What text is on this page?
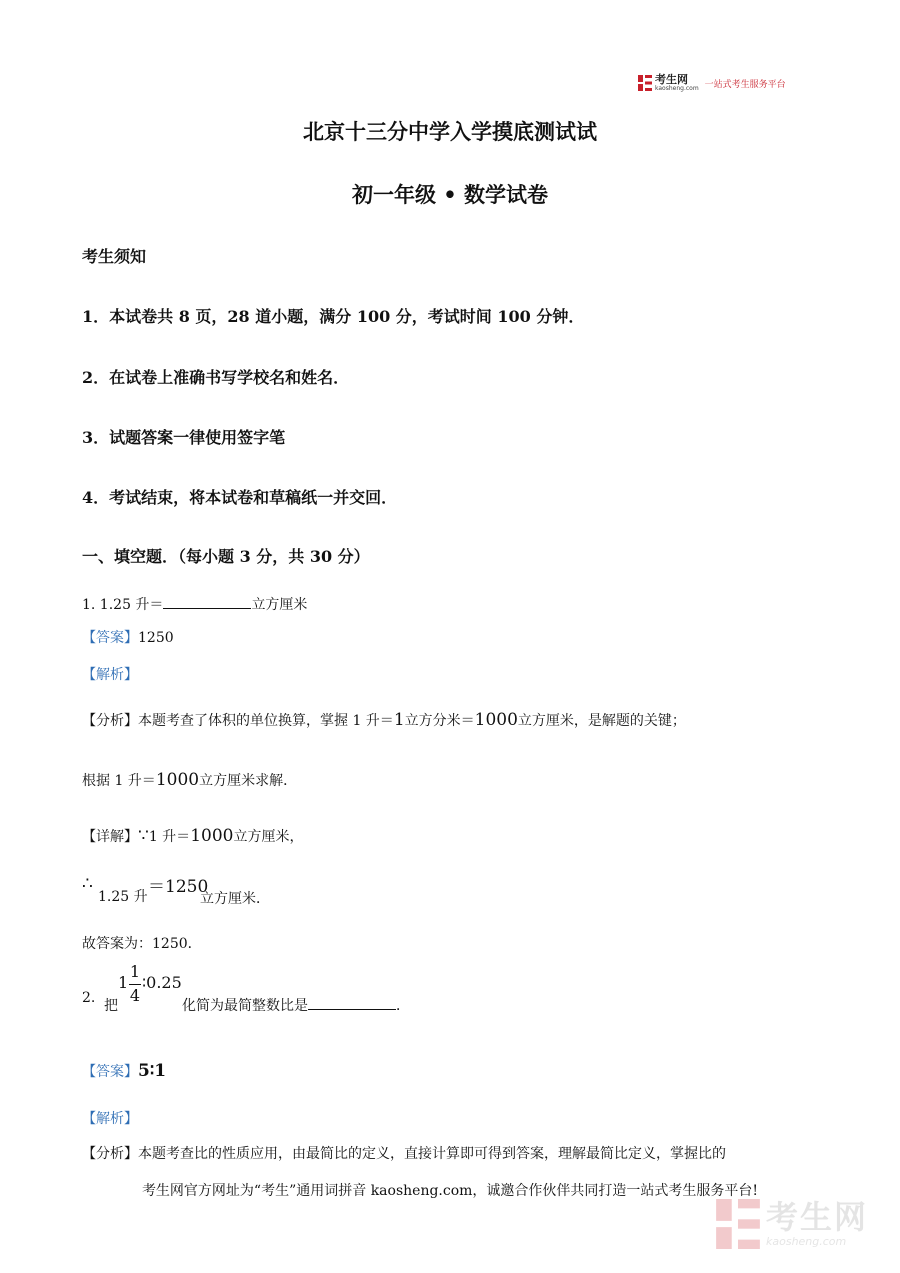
考生网
kaosheng.com 一站式考生服务平台
北京十三分中学入学摸底测试试
初一年级 • 数学试卷
考生须知
1．本试卷共 8 页，28 道小题，满分 100 分，考试时间 100 分钟．
2．在试卷上准确书写学校名和姓名．
3．试题答案一律使用签字笔
4．考试结束，将本试卷和草稿纸一并交回．
一、填空题．（每小题 3 分，共 30 分）
1. 1.25 升＝	立方厘米
【答案】1250
【解析】
【分析】本题考查了体积的单位换算，掌握 1 升＝1立方分米＝1000立方厘米，是解题的关键；
根据 1 升＝1000立方厘米求解．
【详解】∵1 升＝1000立方厘米，
∴
1.25 升 ＝1250
立方厘米．
故答案为：1250．
2. 把
1
1
4
∶0.25
化简为最简整数比是	．
【答案】5∶1
【解析】
【分析】本题考查比的性质应用，由最简比的定义，直接计算即可得到答案，理解最简比定义，掌握比的
考生网官方网址为“考生”通用词拼音 kaosheng.com，诚邀合作伙伴共同打造一站式考生服务平台!
考生网
kaosheng.com
